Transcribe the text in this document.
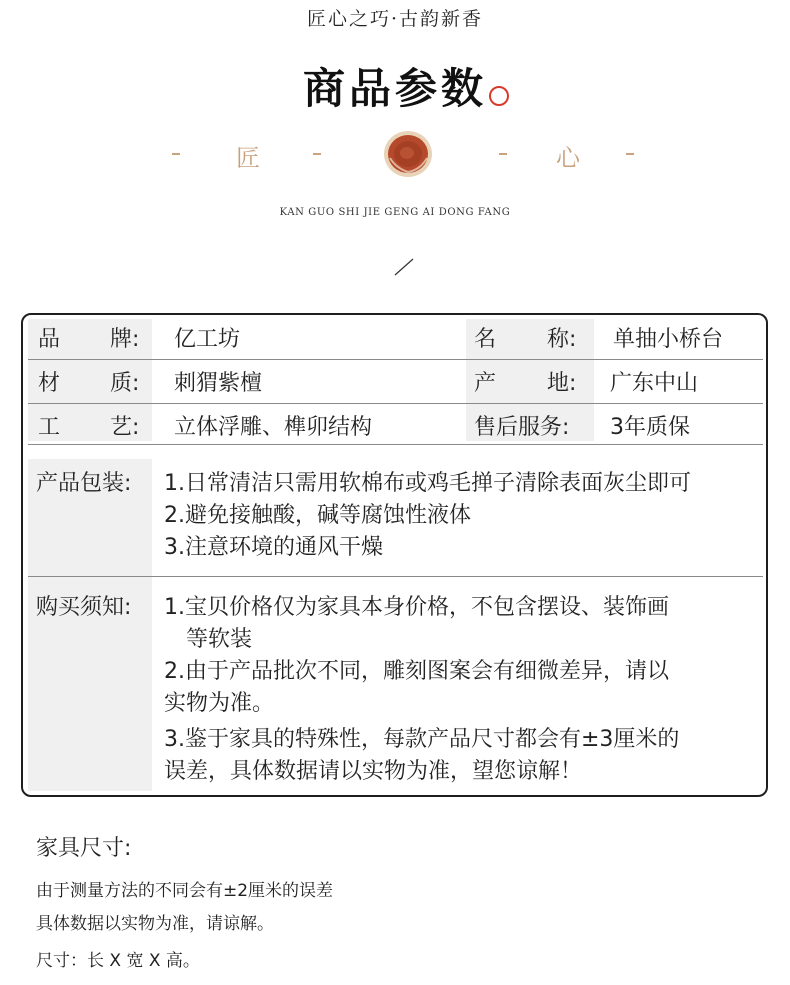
匠心之巧·古韵新香
商品参数
匠	心
KAN GUO SHI JIE GENG AI DONG FANG
品 牌: 亿工坊	名 称: 单抽小桥台
材 质: 刺猬紫檀	产 地: 广东中山
工 艺: 立体浮雕、榫卯结构	售后服务: 3年质保
产品包装: 1.日常清洁只需用软棉布或鸡毛掸子清除表面灰尘即可
2.避免接触酸，碱等腐蚀性液体
3.注意环境的通风干燥
购买须知: 1.宝贝价格仅为家具本身价格，不包含摆设、装饰画
等软装
2.由于产品批次不同，雕刻图案会有细微差异，请以
实物为准。
3.鉴于家具的特殊性，每款产品尺寸都会有±3厘米的
误差，具体数据请以实物为准，望您谅解！
家具尺寸:
由于测量方法的不同会有±2厘米的误差
具体数据以实物为准，请谅解。
尺寸：长 X 宽 X 高。
